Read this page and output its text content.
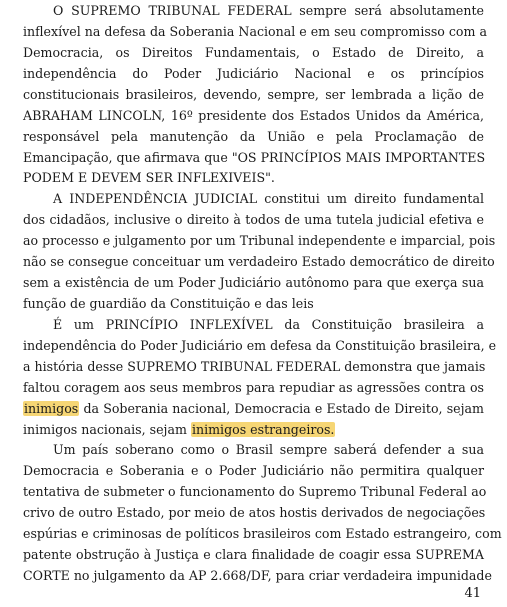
O SUPREMO TRIBUNAL FEDERAL sempre será absolutamente
inflexível na defesa da Soberania Nacional e em seu compromisso com a
Democracia, os Direitos Fundamentais, o Estado de Direito, a
independência do Poder Judiciário Nacional e os princípios
constitucionais brasileiros, devendo, sempre, ser lembrada a lição de
ABRAHAM LINCOLN, 16º presidente dos Estados Unidos da América,
responsável pela manutenção da União e pela Proclamação de
Emancipação, que afirmava que "OS PRINCÍPIOS MAIS IMPORTANTES
PODEM E DEVEM SER INFLEXIVEIS".
A INDEPENDÊNCIA JUDICIAL constitui um direito fundamental
dos cidadãos, inclusive o direito à todos de uma tutela judicial efetiva e
ao processo e julgamento por um Tribunal independente e imparcial, pois
não se consegue conceituar um verdadeiro Estado democrático de direito
sem a existência de um Poder Judiciário autônomo para que exerça sua
função de guardião da Constituição e das leis
É um PRINCÍPIO INFLEXÍVEL da Constituição brasileira a
independência do Poder Judiciário em defesa da Constituição brasileira, e
a história desse SUPREMO TRIBUNAL FEDERAL demonstra que jamais
faltou coragem aos seus membros para repudiar as agressões contra os
inimigos da Soberania nacional, Democracia e Estado de Direito, sejam
inimigos nacionais, sejam inimigos estrangeiros.
Um país soberano como o Brasil sempre saberá defender a sua
Democracia e Soberania e o Poder Judiciário não permitira qualquer
tentativa de submeter o funcionamento do Supremo Tribunal Federal ao
crivo de outro Estado, por meio de atos hostis derivados de negociações
espúrias e criminosas de políticos brasileiros com Estado estrangeiro, com
patente obstrução à Justiça e clara finalidade de coagir essa SUPREMA
CORTE no julgamento da AP 2.668/DF, para criar verdadeira impunidade
41
